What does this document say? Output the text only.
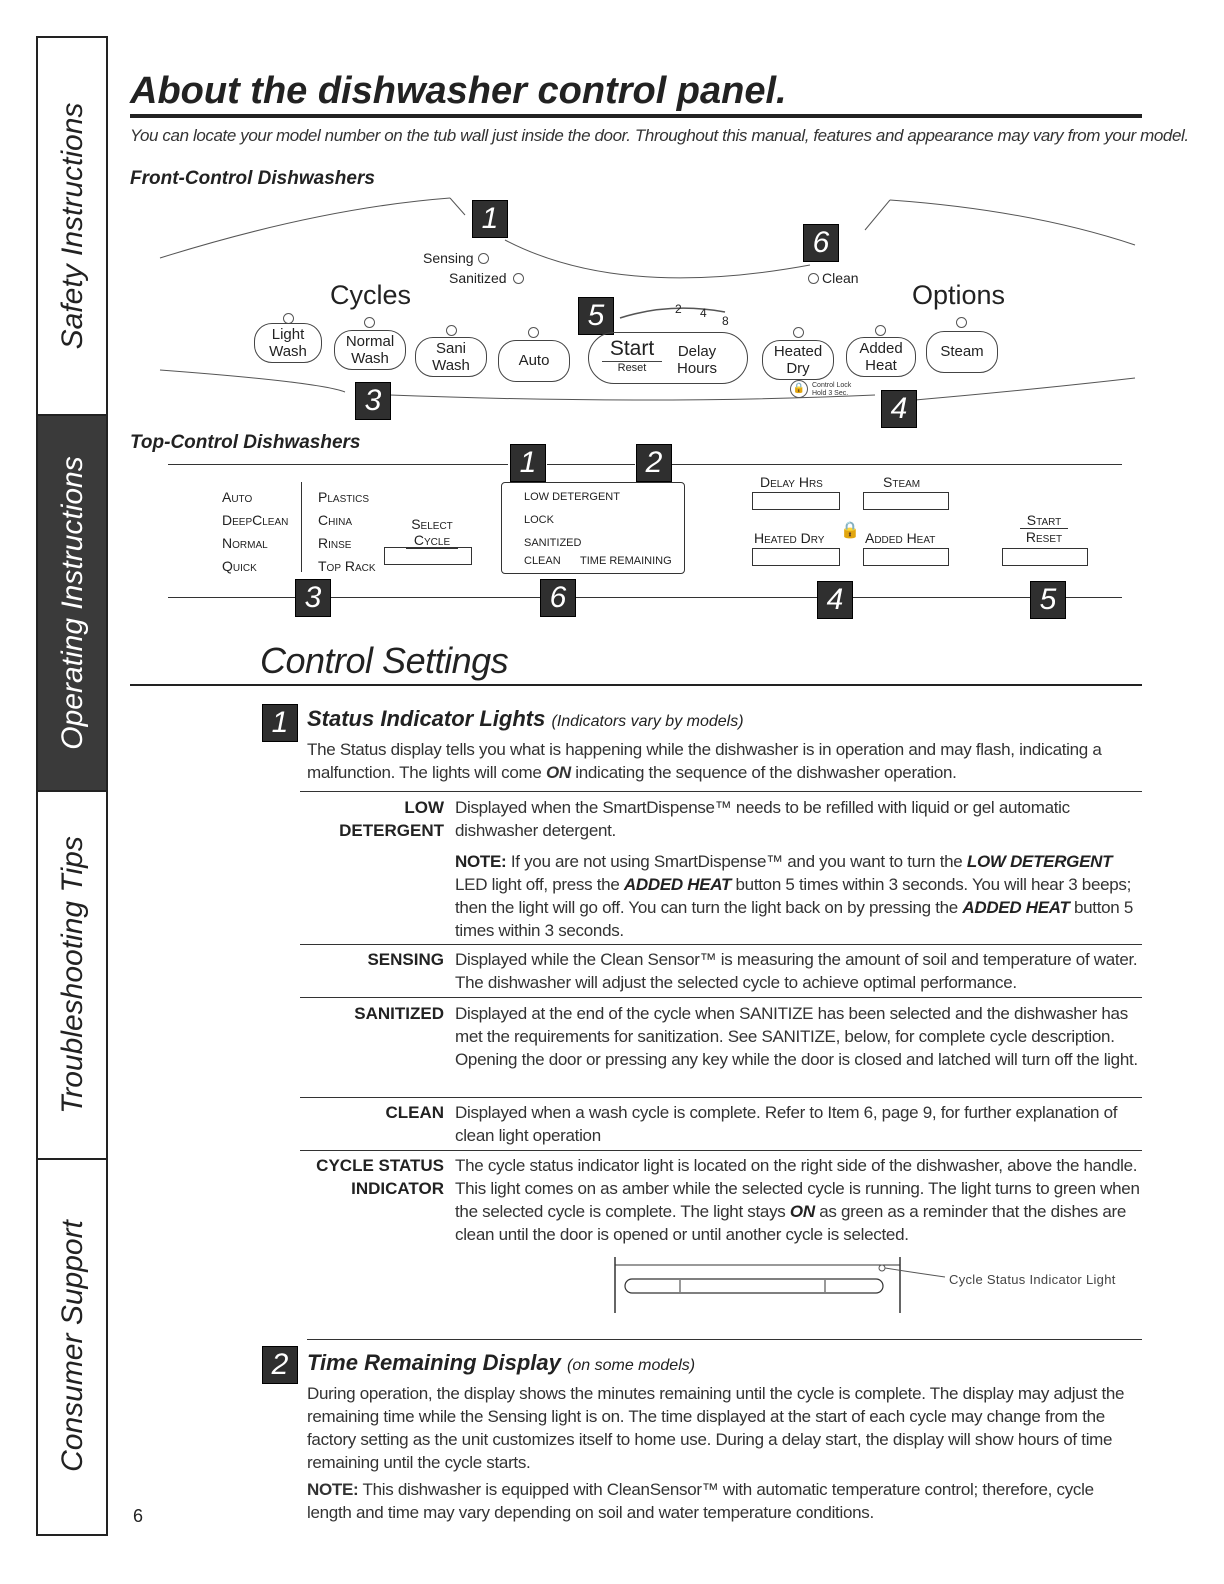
Safety Instructions
Operating Instructions
Troubleshooting Tips
Consumer Support
About the dishwasher control panel.
You can locate your model number on the tub wall just inside the door. Throughout this manual, features and appearance may vary from your model.
Front-Control Dishwashers
1
6
5
3	4
Sensing
Sanitized	Clean
Cycles	Options
Light
Wash
Normal
Wash
Sani
Wash	Auto
Start
Reset
Delay
Hours
2 4
8
Heated
Dry
🔒 Control Lock
Hold 3 Sec.
Added
Heat
Steam
Top-Control Dishwashers
1	2
Auto
DeepClean
Normal
Quick
Plastics
China
Rinse
Top Rack
Select
Cycle
LOW DETERGENT
LOCK
SANITIZED
CLEAN TIME REMAINING
Delay Hrs	Steam
🔒
Heated Dry	Added Heat
Start
Reset
3	6	4	5
Control Settings
1 Status Indicator Lights (Indicators vary by models)
The Status display tells you what is happening while the dishwasher is in operation and may flash, indicating a malfunction. The lights will come ON indicating the sequence of the dishwasher operation.
LOW DETERGENT
Displayed when the SmartDispense™ needs to be refilled with liquid or gel automatic dishwasher detergent.
NOTE: If you are not using SmartDispense™ and you want to turn the LOW DETERGENT LED light off, press the ADDED HEAT button 5 times within 3 seconds. You will hear 3 beeps; then the light will go off. You can turn the light back on by pressing the ADDED HEAT button 5 times within 3 seconds.
SENSING Displayed while the Clean Sensor™ is measuring the amount of soil and temperature of water. The dishwasher will adjust the selected cycle to achieve optimal performance.
SANITIZED Displayed at the end of the cycle when SANITIZE has been selected and the dishwasher has met the requirements for sanitization. See SANITIZE, below, for complete cycle description. Opening the door or pressing any key while the door is closed and latched will turn off the light.
CLEAN Displayed when a wash cycle is complete. Refer to Item 6, page 9, for further explanation of clean light operation
CYCLE STATUS
INDICATOR
The cycle status indicator light is located on the right side of the dishwasher, above the handle. This light comes on as amber while the selected cycle is running. The light turns to green when the selected cycle is complete. The light stays ON as green as a reminder that the dishes are clean until the door is opened or until another cycle is selected.
Cycle Status Indicator Light
2 Time Remaining Display (on some models)
During operation, the display shows the minutes remaining until the cycle is complete. The display may adjust the remaining time while the Sensing light is on. The time displayed at the start of each cycle may change from the factory setting as the unit customizes itself to home use. During a delay start, the display will show hours of time remaining until the cycle starts.
NOTE: This dishwasher is equipped with CleanSensor™ with automatic temperature control; therefore, cycle length and time may vary depending on soil and water temperature conditions.
6
